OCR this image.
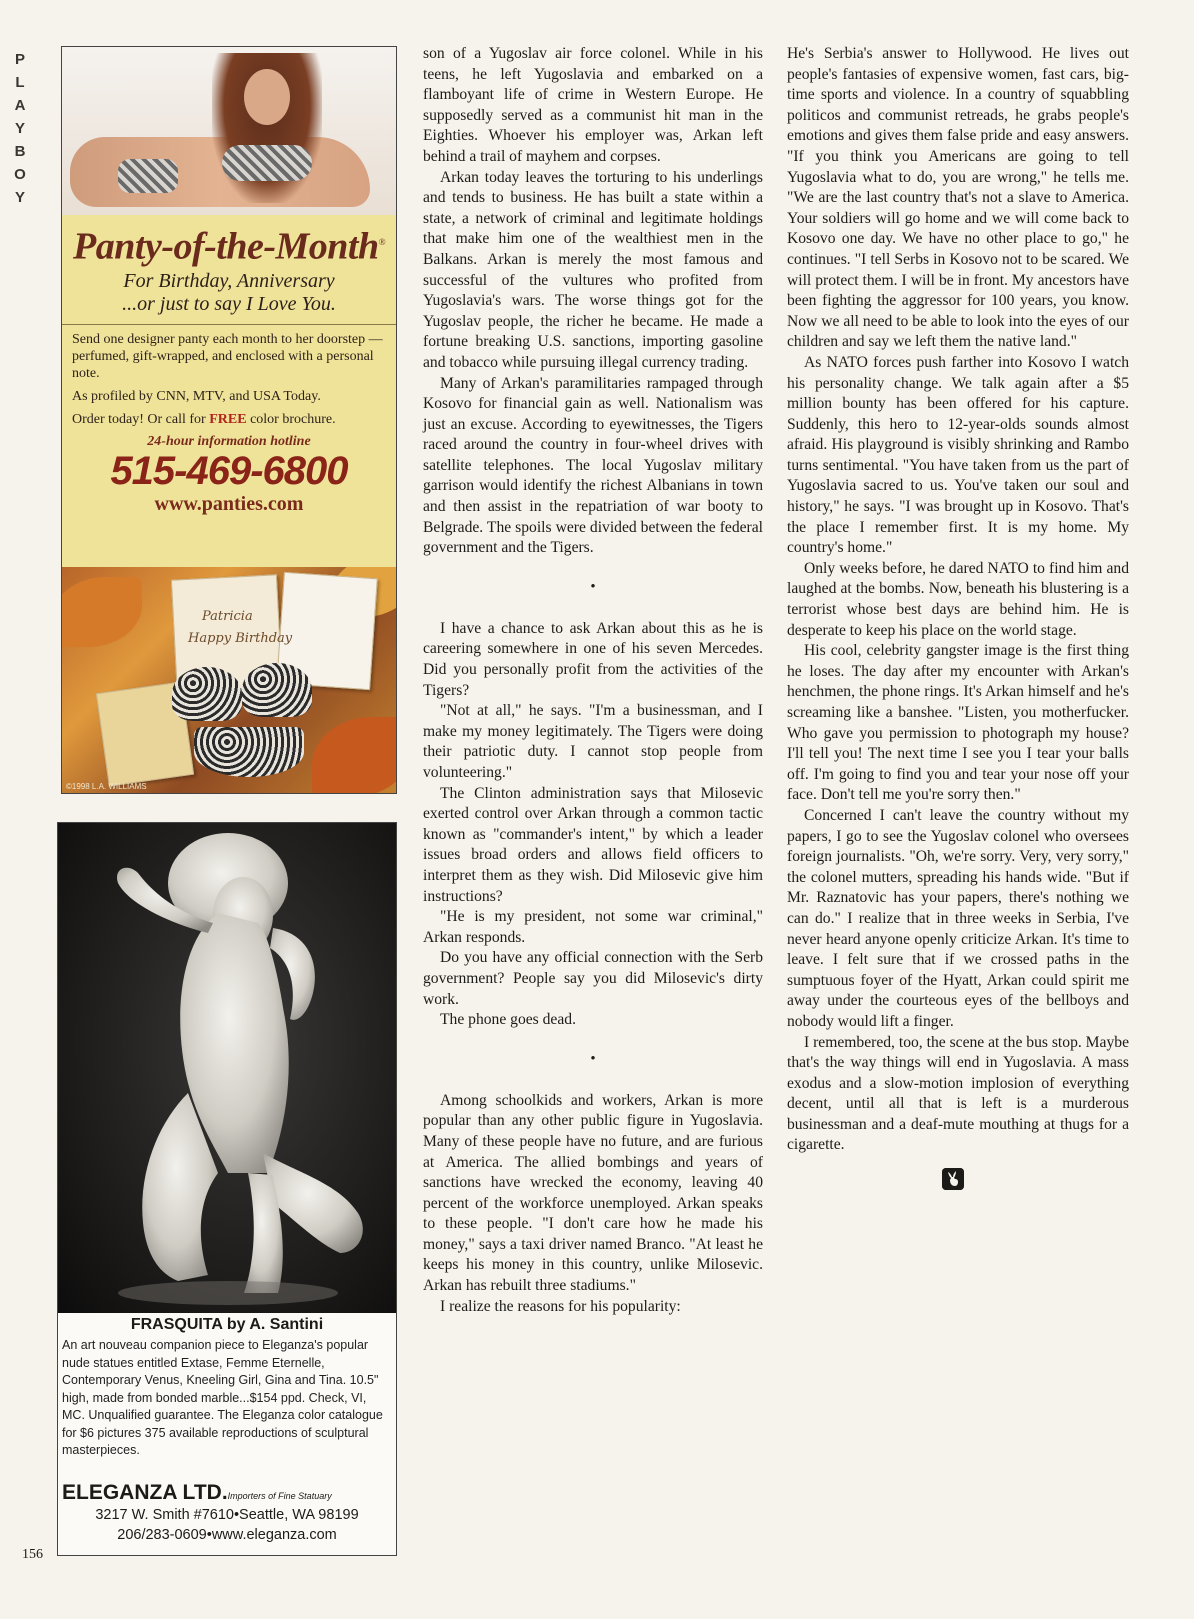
P
L
A
Y
B
O
Y
Panty-of-the-Month®
For Birthday, Anniversary
...or just to say I Love You.

Send one designer panty each month to her doorstep — perfumed, gift-wrapped, and enclosed with a personal note.

As profiled by CNN, MTV, and USA Today.

Order today! Or call for FREE color brochure.

24-hour information hotline
515-469-6800
www.panties.com
Patricia
Happy Birthday
©1998 L.A. WILLIAMS
FRASQUITA by A. Santini
An art nouveau companion piece to Eleganza's popular nude statues entitled Extase, Femme Eternelle, Contemporary Venus, Kneeling Girl, Gina and Tina. 10.5" high, made from bonded marble...$154 ppd. Check, VI, MC. Unqualified guarantee. The Eleganza color catalogue for $6 pictures 375 available reproductions of sculptural masterpieces.
ELEGANZA LTD.Importers of Fine Statuary
3217 W. Smith #7610•Seattle, WA 98199
206/283-0609•www.eleganza.com
156

son of a Yugoslav air force colonel. While in his teens, he left Yugoslavia and embarked on a flamboyant life of crime in Western Europe. He supposedly served as a communist hit man in the Eighties. Whoever his employer was, Arkan left behind a trail of mayhem and corpses.

Arkan today leaves the torturing to his underlings and tends to business. He has built a state within a state, a network of criminal and legitimate holdings that make him one of the wealthiest men in the Balkans. Arkan is merely the most famous and successful of the vultures who profited from Yugoslavia's wars. The worse things got for the Yugoslav people, the richer he became. He made a fortune breaking U.S. sanctions, importing gasoline and tobacco while pursuing illegal currency trading.

Many of Arkan's paramilitaries rampaged through Kosovo for financial gain as well. Nationalism was just an excuse. According to eyewitnesses, the Tigers raced around the country in four-wheel drives with satellite telephones. The local Yugoslav military garrison would identify the richest Albanians in town and then assist in the repatriation of war booty to Belgrade. The spoils were divided between the federal government and the Tigers.

•

I have a chance to ask Arkan about this as he is careering somewhere in one of his seven Mercedes. Did you personally profit from the activities of the Tigers?

"Not at all," he says. "I'm a businessman, and I make my money legitimately. The Tigers were doing their patriotic duty. I cannot stop people from volunteering."

The Clinton administration says that Milosevic exerted control over Arkan through a common tactic known as "commander's intent," by which a leader issues broad orders and allows field officers to interpret them as they wish. Did Milosevic give him instructions?

"He is my president, not some war criminal," Arkan responds.

Do you have any official connection with the Serb government? People say you did Milosevic's dirty work.

The phone goes dead.

•

Among schoolkids and workers, Arkan is more popular than any other public figure in Yugoslavia. Many of these people have no future, and are furious at America. The allied bombings and years of sanctions have wrecked the economy, leaving 40 percent of the workforce unemployed. Arkan speaks to these people. "I don't care how he made his money," says a taxi driver named Branco. "At least he keeps his money in this country, unlike Milosevic. Arkan has rebuilt three stadiums."

I realize the reasons for his popularity:

He's Serbia's answer to Hollywood. He lives out people's fantasies of expensive women, fast cars, big-time sports and violence. In a country of squabbling politicos and communist retreads, he grabs people's emotions and gives them false pride and easy answers. "If you think you Americans are going to tell Yugoslavia what to do, you are wrong," he tells me. "We are the last country that's not a slave to America. Your soldiers will go home and we will come back to Kosovo one day. We have no other place to go," he continues. "I tell Serbs in Kosovo not to be scared. We will protect them. I will be in front. My ancestors have been fighting the aggressor for 100 years, you know. Now we all need to be able to look into the eyes of our children and say we left them the native land."

As NATO forces push farther into Kosovo I watch his personality change. We talk again after a $5 million bounty has been offered for his capture. Suddenly, this hero to 12-year-olds sounds almost afraid. His playground is visibly shrinking and Rambo turns sentimental. "You have taken from us the part of Yugoslavia sacred to us. You've taken our soul and history," he says. "I was brought up in Kosovo. That's the place I remember first. It is my home. My country's home."

Only weeks before, he dared NATO to find him and laughed at the bombs. Now, beneath his blustering is a terrorist whose best days are behind him. He is desperate to keep his place on the world stage.

His cool, celebrity gangster image is the first thing he loses. The day after my encounter with Arkan's henchmen, the phone rings. It's Arkan himself and he's screaming like a banshee. "Listen, you motherfucker. Who gave you permission to photograph my house? I'll tell you! The next time I see you I tear your balls off. I'm going to find you and tear your nose off your face. Don't tell me you're sorry then."

Concerned I can't leave the country without my papers, I go to see the Yugoslav colonel who oversees foreign journalists. "Oh, we're sorry. Very, very sorry," the colonel mutters, spreading his hands wide. "But if Mr. Raznatovic has your papers, there's nothing we can do." I realize that in three weeks in Serbia, I've never heard anyone openly criticize Arkan. It's time to leave. I felt sure that if we crossed paths in the sumptuous foyer of the Hyatt, Arkan could spirit me away under the courteous eyes of the bellboys and nobody would lift a finger.

I remembered, too, the scene at the bus stop. Maybe that's the way things will end in Yugoslavia. A mass exodus and a slow-motion implosion of everything decent, until all that is left is a murderous businessman and a deaf-mute mouthing at thugs for a cigarette.
